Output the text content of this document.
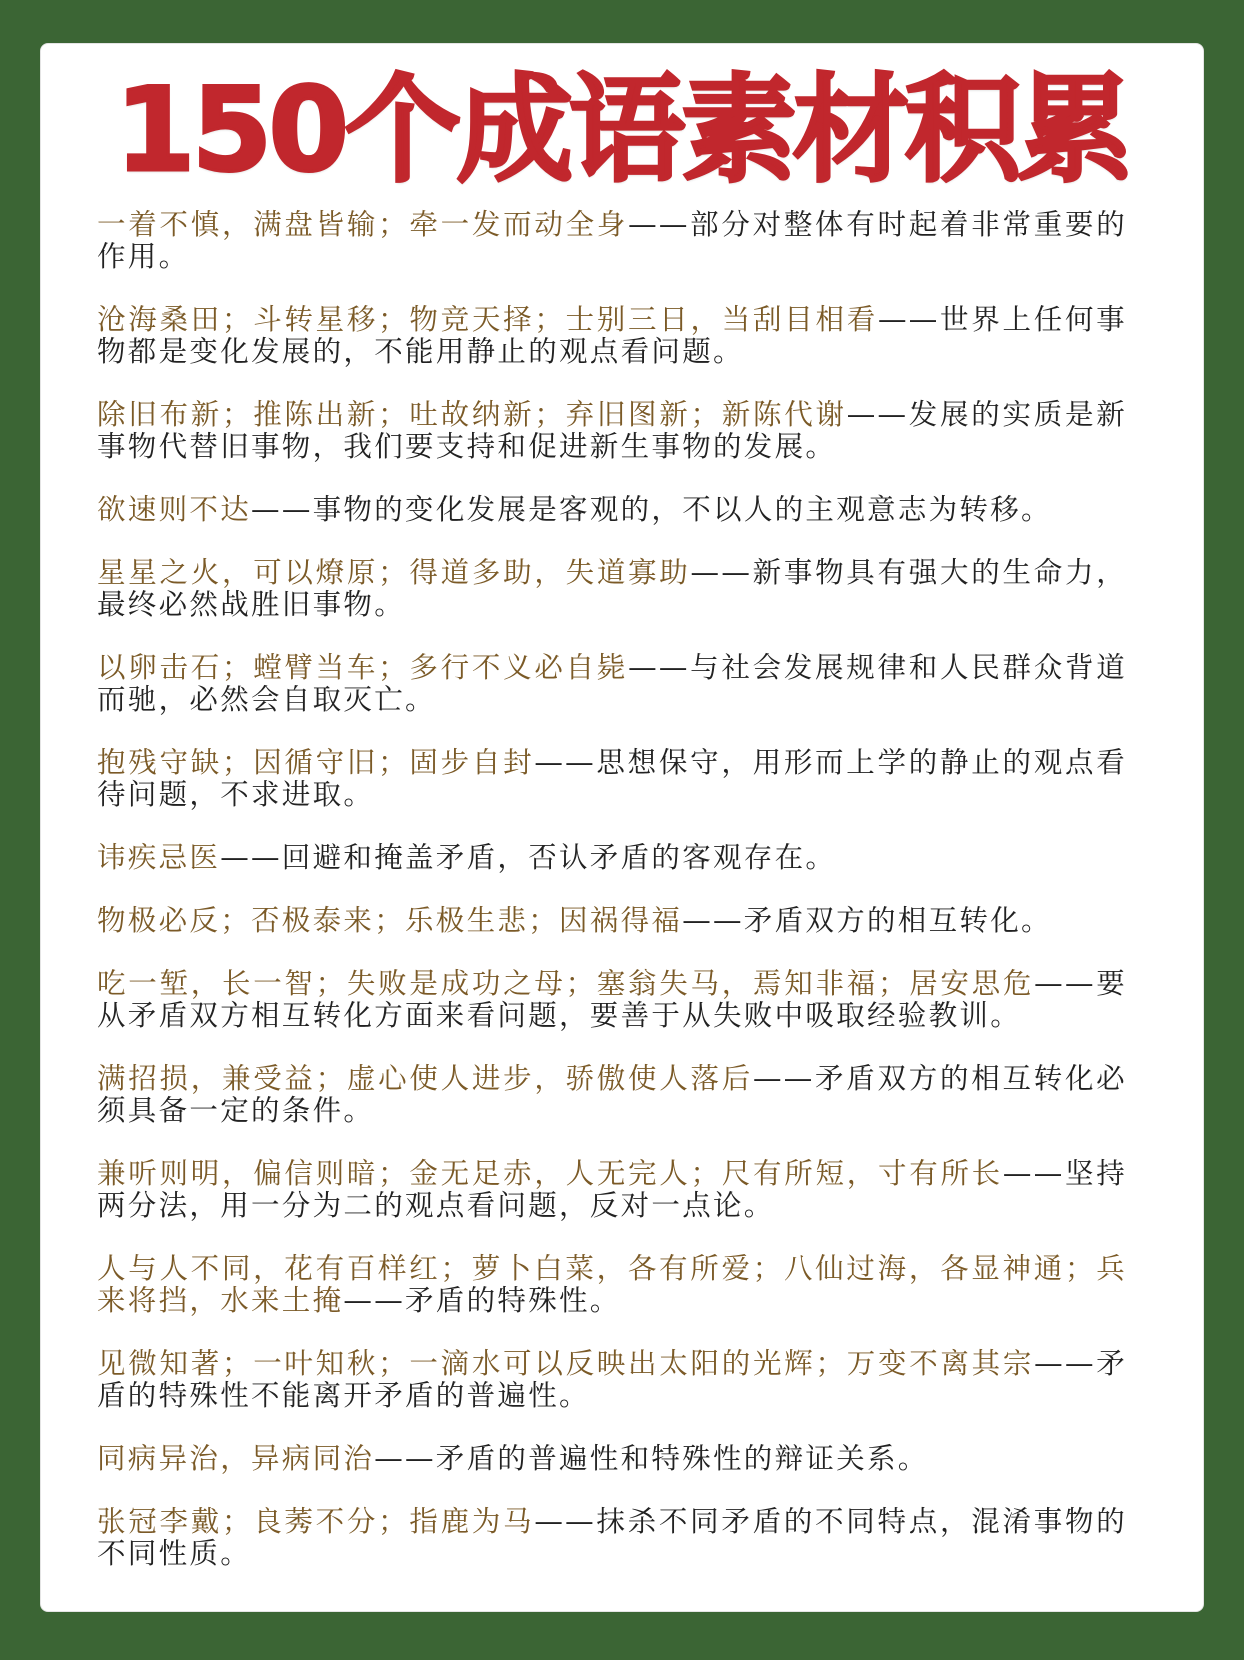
150个成语素材积累

一着不慎，满盘皆输；牵一发而动全身——部分对整体有时起着非常重要的作用。

沧海桑田；斗转星移；物竞天择；士别三日，当刮目相看——世界上任何事物都是变化发展的，不能用静止的观点看问题。

除旧布新；推陈出新；吐故纳新；弃旧图新；新陈代谢——发展的实质是新事物代替旧事物，我们要支持和促进新生事物的发展。

欲速则不达——事物的变化发展是客观的，不以人的主观意志为转移。

星星之火，可以燎原；得道多助，失道寡助——新事物具有强大的生命力，最终必然战胜旧事物。

以卵击石；螳臂当车；多行不义必自毙——与社会发展规律和人民群众背道而驰，必然会自取灭亡。

抱残守缺；因循守旧；固步自封——思想保守，用形而上学的静止的观点看待问题，不求进取。

讳疾忌医——回避和掩盖矛盾，否认矛盾的客观存在。

物极必反；否极泰来；乐极生悲；因祸得福——矛盾双方的相互转化。

吃一堑，长一智；失败是成功之母；塞翁失马，焉知非福；居安思危——要从矛盾双方相互转化方面来看问题，要善于从失败中吸取经验教训。

满招损，兼受益；虚心使人进步，骄傲使人落后——矛盾双方的相互转化必须具备一定的条件。

兼听则明，偏信则暗；金无足赤，人无完人；尺有所短，寸有所长——坚持两分法，用一分为二的观点看问题，反对一点论。

人与人不同，花有百样红；萝卜白菜，各有所爱；八仙过海，各显神通；兵来将挡，水来土掩——矛盾的特殊性。

见微知著；一叶知秋；一滴水可以反映出太阳的光辉；万变不离其宗——矛盾的特殊性不能离开矛盾的普遍性。

同病异治，异病同治——矛盾的普遍性和特殊性的辩证关系。

张冠李戴；良莠不分；指鹿为马——抹杀不同矛盾的不同特点，混淆事物的不同性质。
